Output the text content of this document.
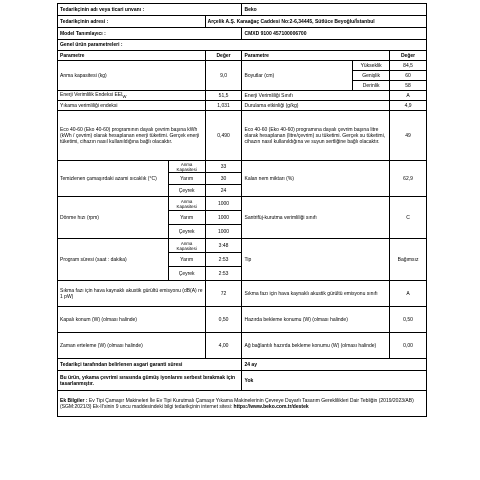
Tedarikçinin adı veya ticari unvanı :			Beko		
Tedarikçinin adresi :		Arçelik A.Ş. Karaağaç Caddesi No:2-6,34445, Sütlüce Beyoğlu/İstanbul			
Model Tanımlayıcı :			CMXD 9100 457100006700		
Genel ürün parametreleri :					
Parametre		Değer	Parametre		Değer
Anma kapasitesi (kg)		9,0	Boyutlar (cm)	Yükseklik	84,5
				Genişlik	60
				Derinlik	58
Enerji Verimlilik Endeksi $EEI_W$		51,5	Enerji Verimliliği Sınıfı		A
Yıkama verimliliği endeksi		1,031	Durulama etkinliği (g/kg)		4,9
Eco 40-60 (Eko 40-60) programının dayalı çevrim başına kWh (kWh / çevrim) olarak hesaplanan enerji tüketimi. Gerçek enerji tüketimi, cihazın nasıl kullanıldığına bağlı olacaktır.		0,490	Eco 40-60 (Eko 40-60) programına dayalı çevrim başına litre olarak hesaplanan (litre/çevrim) su tüketimi. Gerçek su tüketimi, cihazın nasıl kullanıldığına ve suyun sertliğine bağlı olacaktır.		49
Temizlenen çamaşırdaki azami sıcaklık (°C)	Anma Kapasitesi	33	Kalan nem miktarı (%)		62,9
	Yarım	30			
	Çeyrek	24			
Dönme hızı (rpm)	Anma Kapasitesi	1000	Santrifüj-kurutma verimliliği sınıfı		C
	Yarım	1000			
	Çeyrek	1000			
Program süresi (saat : dakika)	Anma Kapasitesi	3:48	Tip		Bağımsız
	Yarım	2:53			
	Çeyrek	2:53			
Sıkma fazı için hava kaynaklı akustik gürültü emisyonu (dB(A) re 1 pW)		72	Sıkma fazı için hava kaynaklı akustik gürültü emisyonu sınıfı		A
Kapalı konum (W) (olması halinde)		0,50	Hazırda bekleme konumu (W) (olması halinde)		0,50
Zaman erteleme (W) (olması halinde)		4,00	Ağ bağlantılı hazırda bekleme konumu (W) (olması halinde)		0,00
Tedarikçi tarafından belirlenen asgari garanti süresi			24 ay		
Bu ürün, yıkama çevrimi sırasında gümüş iyonlarını serbest bırakmak için tasarlanmıştır.			Yok		
Ek Bilgiler : Ev Tipi Çamaşır Makineleri İle Ev Tipi Kurutmalı Çamaşır Yıkama Makinelerinin Çevreye Duyarlı Tasarım Gereklilikleri Dair Tebliğin (2019/2023/AB) (SGM:2021/3) Ek-II'sinin 9 uncu maddesindeki bilgi tedarikçinin internet sitesi: https://www.beko.com.tr/destek					
